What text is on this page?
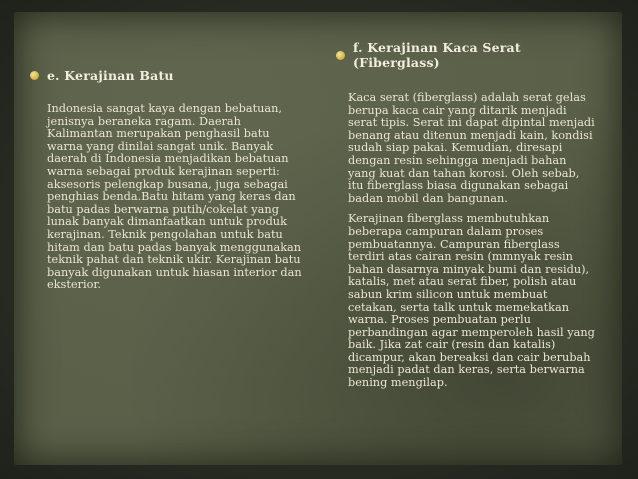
e. Kerajinan Batu

Indonesia sangat kaya dengan bebatuan, jenisnya beraneka ragam. Daerah Kalimantan merupakan penghasil batu warna yang dinilai sangat unik. Banyak daerah di Indonesia menjadikan bebatuan warna sebagai produk kerajinan seperti: aksesoris pelengkap busana, juga sebagai penghias benda.Batu hitam yang keras dan batu padas berwarna putih/cokelat yang lunak banyak dimanfaatkan untuk produk kerajinan. Teknik pengolahan untuk batu hitam dan batu padas banyak menggunakan teknik pahat dan teknik ukir. Kerajinan batu banyak digunakan untuk hiasan interior dan eksterior.

f. Kerajinan Kaca Serat (Fiberglass)

Kaca serat (fiberglass) adalah serat gelas berupa kaca cair yang ditarik menjadi serat tipis. Serat ini dapat dipintal menjadi benang atau ditenun menjadi kain, kondisi sudah siap pakai. Kemudian, diresapi dengan resin sehingga menjadi bahan yang kuat dan tahan korosi. Oleh sebab, itu fiberglass biasa digunakan sebagai badan mobil dan bangunan.

Kerajinan fiberglass membutuhkan beberapa campuran dalam proses pembuatannya. Campuran fiberglass terdiri atas cairan resin (mmnyak resin bahan dasarnya minyak bumi dan residu), katalis, met atau serat fiber, polish atau sabun krim silicon untuk membuat cetakan, serta talk untuk memekatkan warna. Proses pembuatan perlu perbandingan agar memperoleh hasil yang baik. Jika zat cair (resin dan katalis) dicampur, akan bereaksi dan cair berubah menjadi padat dan keras, serta berwarna bening mengilap.
